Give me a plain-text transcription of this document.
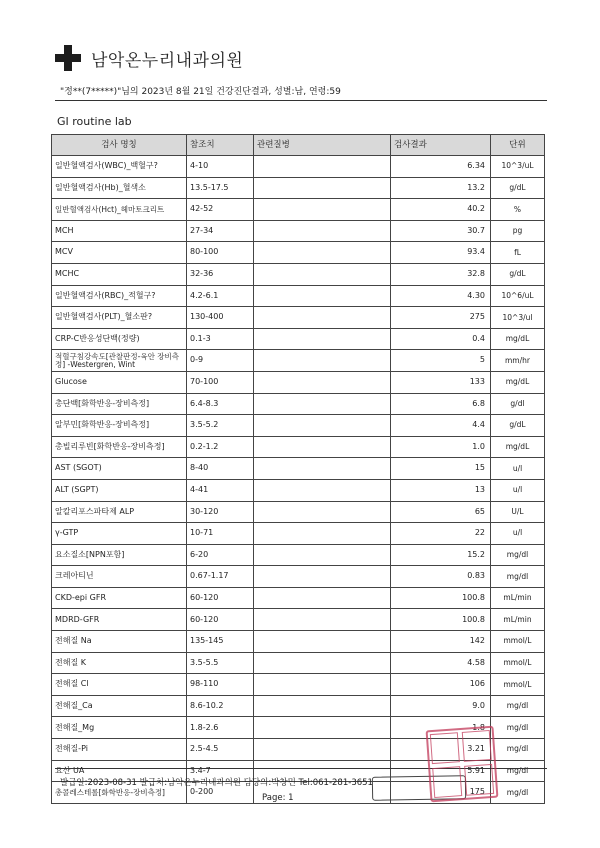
남악온누리내과의원
"정**(7*****)"님의 2023년 8월 21일 건강진단결과, 성별:남, 연령:59
GI routine lab
검사 명칭	참조치	관련질병	검사결과	단위
일반혈액검사(WBC)_백혈구?	4-10		6.34	10^3/uL
일반혈액검사(Hb)_혈색소	13.5-17.5		13.2	g/dL
일반혈액검사(Hct)_헤마토크리트	42-52		40.2	%
MCH	27-34		30.7	pg
MCV	80-100		93.4	fL
MCHC	32-36		32.8	g/dL
일반혈액검사(RBC)_적혈구?	4.2-6.1		4.30	10^6/uL
일반혈액검사(PLT)_혈소판?	130-400		275	10^3/ul
CRP-C반응성단백(정량)	0.1-3		0.4	mg/dL
적혈구침강속도[관찰판정-육안 장비측정] -Westergren, Wint	0-9		5	mm/hr
Glucose	70-100		133	mg/dL
총단백[화학반응-장비측정]	6.4-8.3		6.8	g/dl
알부민[화학반응-장비측정]	3.5-5.2		4.4	g/dL
총빌리루빈[화학반응-장비측정]	0.2-1.2		1.0	mg/dL
AST (SGOT)	8-40		15	u/l
ALT (SGPT)	4-41		13	u/l
알칼리포스파타제 ALP	30-120		65	U/L
γ-GTP	10-71		22	u/l
요소질소[NPN포함]	6-20		15.2	mg/dl
크레아티닌	0.67-1.17		0.83	mg/dl
CKD-epi GFR	60-120		100.8	mL/min
MDRD-GFR	60-120		100.8	mL/min
전해질 Na	135-145		142	mmol/L
전해질 K	3.5-5.5		4.58	mmol/L
전해질 Cl	98-110		106	mmol/L
전해질_Ca	8.6-10.2		9.0	mg/dl
전해질_Mg	1.8-2.6		1.8	mg/dl
전해질-Pi	2.5-4.5		3.21	mg/dl
요산 UA	3.4-7		5.91	mg/dl
총콜레스테롤[화학반응-장비측정]	0-200		175	mg/dl
발급일:2023-08-31 발급처:남악온누리내과의원 담당의:박창민 Tel:061-281-3651
Page: 1
